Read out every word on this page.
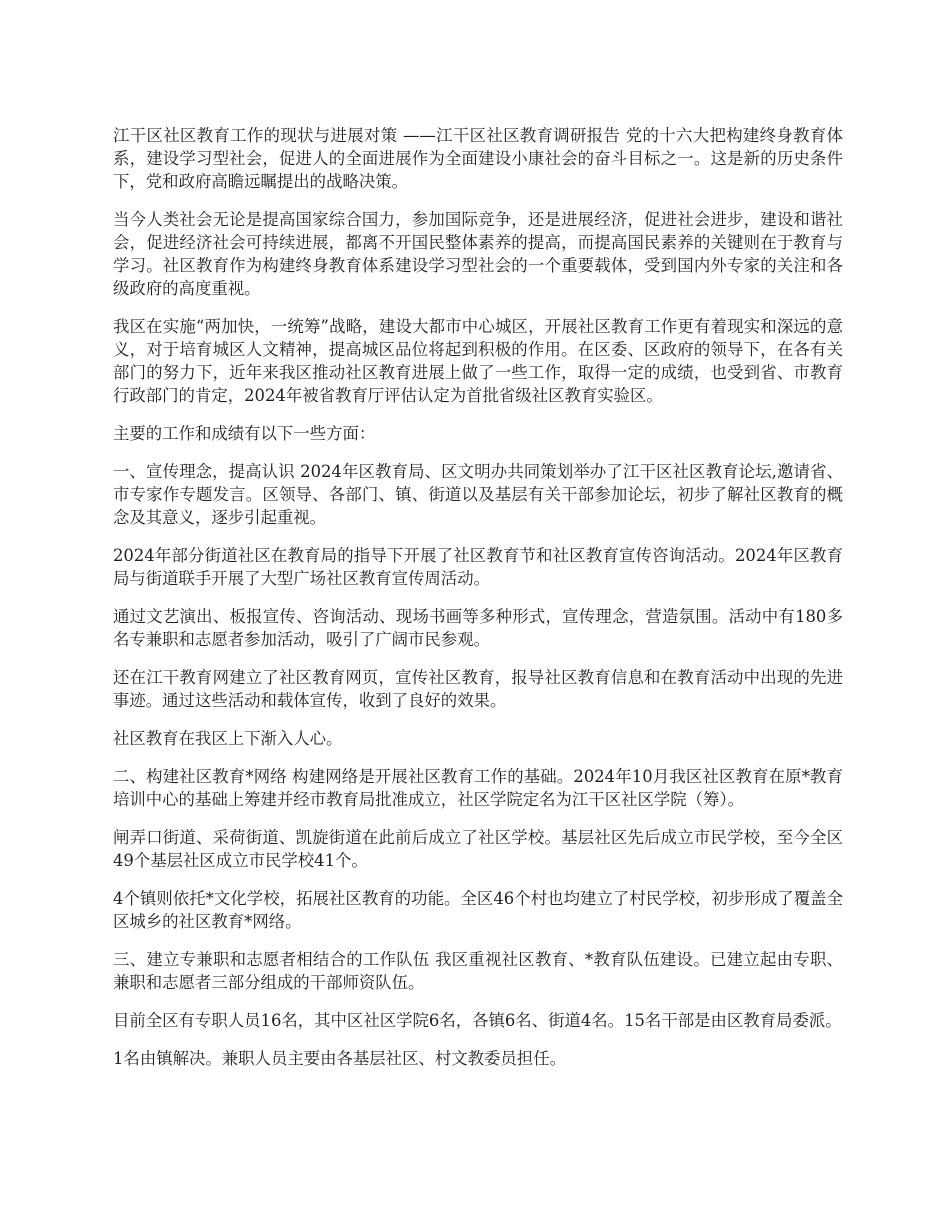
江干区社区教育工作的现状与进展对策 ——江干区社区教育调研报告 党的十六大把构建终身教育体系，建设学习型社会，促进人的全面进展作为全面建设小康社会的奋斗目标之一。这是新的历史条件下，党和政府高瞻远瞩提出的战略决策。

当今人类社会无论是提高国家综合国力，参加国际竞争，还是进展经济，促进社会进步，建设和谐社会，促进经济社会可持续进展，都离不开国民整体素养的提高，而提高国民素养的关键则在于教育与学习。社区教育作为构建终身教育体系建设学习型社会的一个重要载体，受到国内外专家的关注和各级政府的高度重视。

我区在实施“两加快，一统筹”战略，建设大都市中心城区，开展社区教育工作更有着现实和深远的意义，对于培育城区人文精神，提高城区品位将起到积极的作用。在区委、区政府的领导下，在各有关部门的努力下，近年来我区推动社区教育进展上做了一些工作，取得一定的成绩，也受到省、市教育行政部门的肯定，2024年被省教育厅评估认定为首批省级社区教育实验区。

主要的工作和成绩有以下一些方面：

一、宣传理念，提高认识 2024年区教育局、区文明办共同策划举办了江干区社区教育论坛,邀请省、市专家作专题发言。区领导、各部门、镇、街道以及基层有关干部参加论坛，初步了解社区教育的概念及其意义，逐步引起重视。

2024年部分街道社区在教育局的指导下开展了社区教育节和社区教育宣传咨询活动。2024年区教育局与街道联手开展了大型广场社区教育宣传周活动。

通过文艺演出、板报宣传、咨询活动、现场书画等多种形式，宣传理念，营造氛围。活动中有180多名专兼职和志愿者参加活动，吸引了广阔市民参观。

还在江干教育网建立了社区教育网页，宣传社区教育，报导社区教育信息和在教育活动中出现的先进事迹。通过这些活动和载体宣传，收到了良好的效果。

社区教育在我区上下渐入人心。

二、构建社区教育*网络 构建网络是开展社区教育工作的基础。2024年10月我区社区教育在原*教育培训中心的基础上筹建并经市教育局批准成立，社区学院定名为江干区社区学院（筹）。

闸弄口街道、采荷街道、凯旋街道在此前后成立了社区学校。基层社区先后成立市民学校，至今全区49个基层社区成立市民学校41个。

4个镇则依托*文化学校，拓展社区教育的功能。全区46个村也均建立了村民学校，初步形成了覆盖全区城乡的社区教育*网络。

三、建立专兼职和志愿者相结合的工作队伍 我区重视社区教育、*教育队伍建设。已建立起由专职、兼职和志愿者三部分组成的干部师资队伍。

目前全区有专职人员16名，其中区社区学院6名，各镇6名、街道4名。15名干部是由区教育局委派。

1名由镇解决。兼职人员主要由各基层社区、村文教委员担任。
